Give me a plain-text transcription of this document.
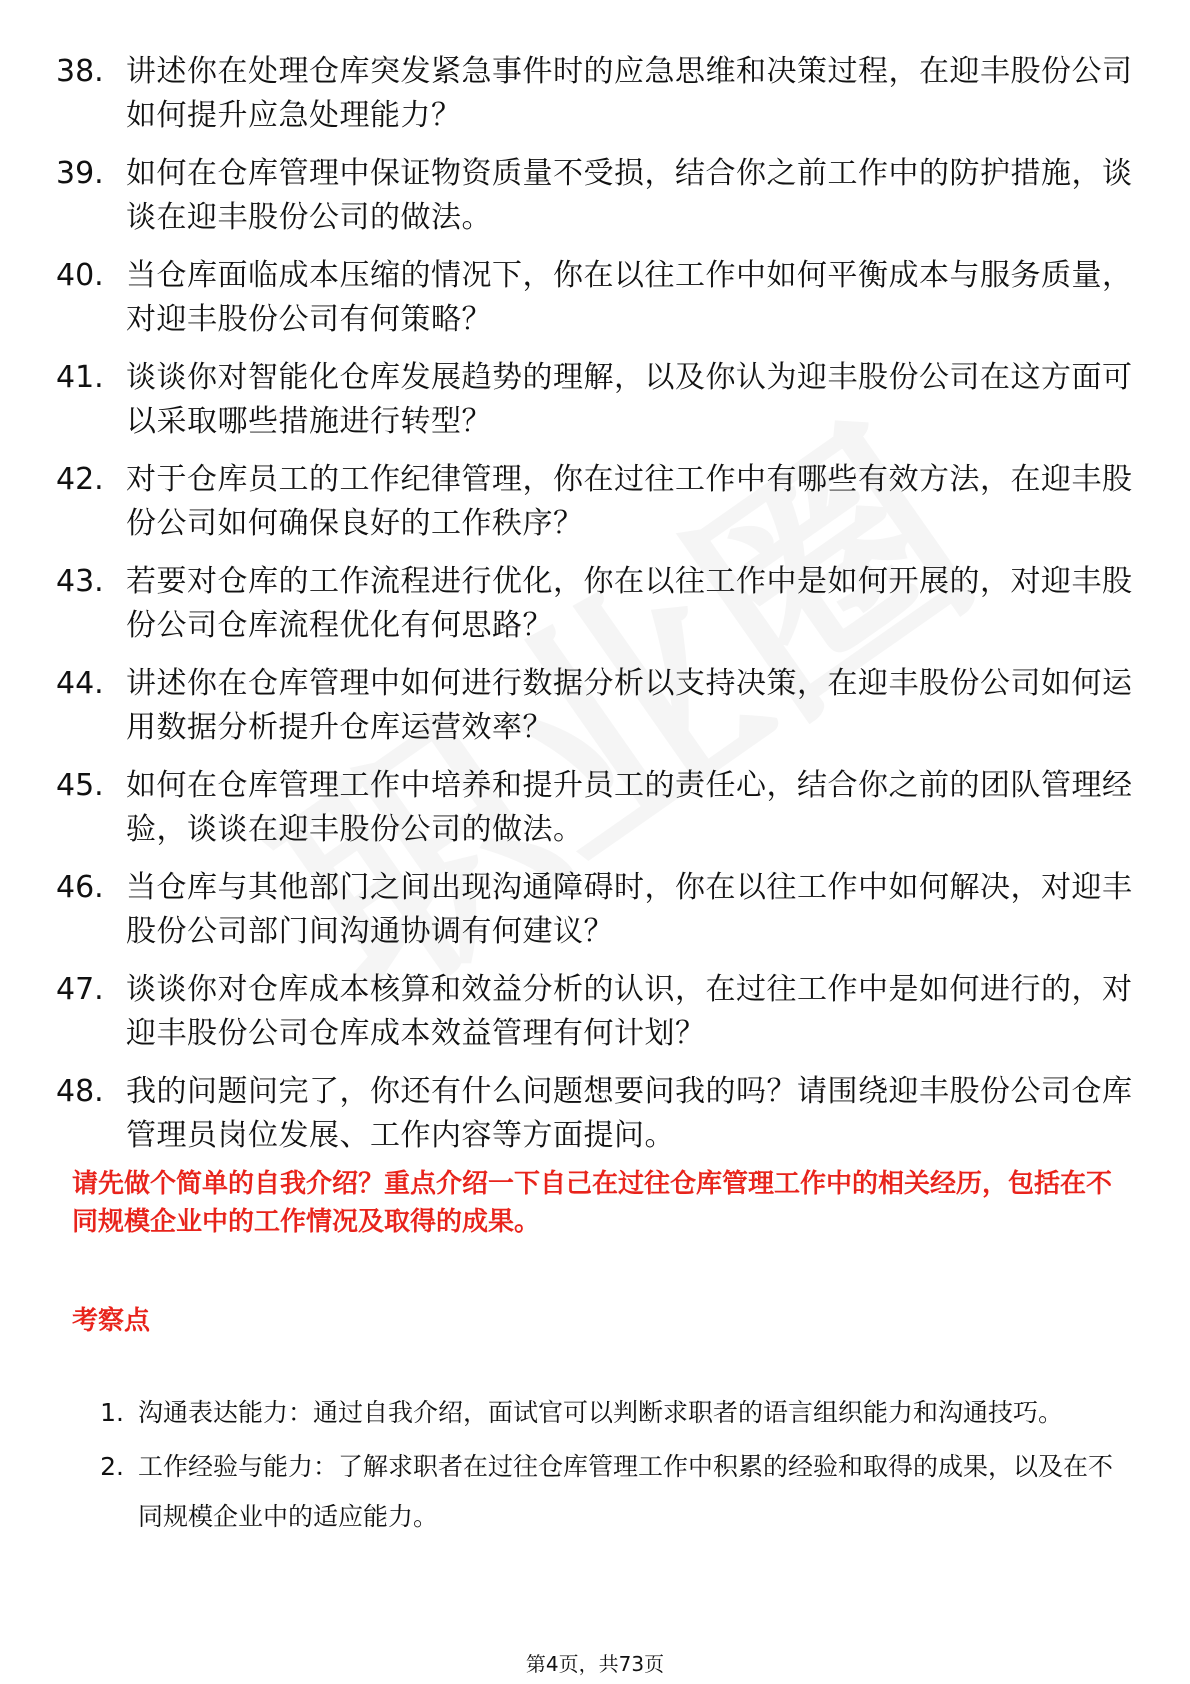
38. 讲述你在处理仓库突发紧急事件时的应急思维和决策过程，在迎丰股份公司如何提升应急处理能力？
39. 如何在仓库管理中保证物资质量不受损，结合你之前工作中的防护措施，谈谈在迎丰股份公司的做法。
40. 当仓库面临成本压缩的情况下，你在以往工作中如何平衡成本与服务质量，对迎丰股份公司有何策略？
41. 谈谈你对智能化仓库发展趋势的理解，以及你认为迎丰股份公司在这方面可以采取哪些措施进行转型？
42. 对于仓库员工的工作纪律管理，你在过往工作中有哪些有效方法，在迎丰股份公司如何确保良好的工作秩序？
43. 若要对仓库的工作流程进行优化，你在以往工作中是如何开展的，对迎丰股份公司仓库流程优化有何思路？
44. 讲述你在仓库管理中如何进行数据分析以支持决策，在迎丰股份公司如何运用数据分析提升仓库运营效率？
45. 如何在仓库管理工作中培养和提升员工的责任心，结合你之前的团队管理经验，谈谈在迎丰股份公司的做法。
46. 当仓库与其他部门之间出现沟通障碍时，你在以往工作中如何解决，对迎丰股份公司部门间沟通协调有何建议？
47. 谈谈你对仓库成本核算和效益分析的认识，在过往工作中是如何进行的，对迎丰股份公司仓库成本效益管理有何计划？
48. 我的问题问完了，你还有什么问题想要问我的吗？请围绕迎丰股份公司仓库管理员岗位发展、工作内容等方面提问。
请先做个简单的自我介绍？重点介绍一下自己在过往仓库管理工作中的相关经历，包括在不同规模企业中的工作情况及取得的成果。
考察点
1. 沟通表达能力：通过自我介绍，面试官可以判断求职者的语言组织能力和沟通技巧。
2. 工作经验与能力：了解求职者在过往仓库管理工作中积累的经验和取得的成果，以及在不同规模企业中的适应能力。
第4页，共73页
